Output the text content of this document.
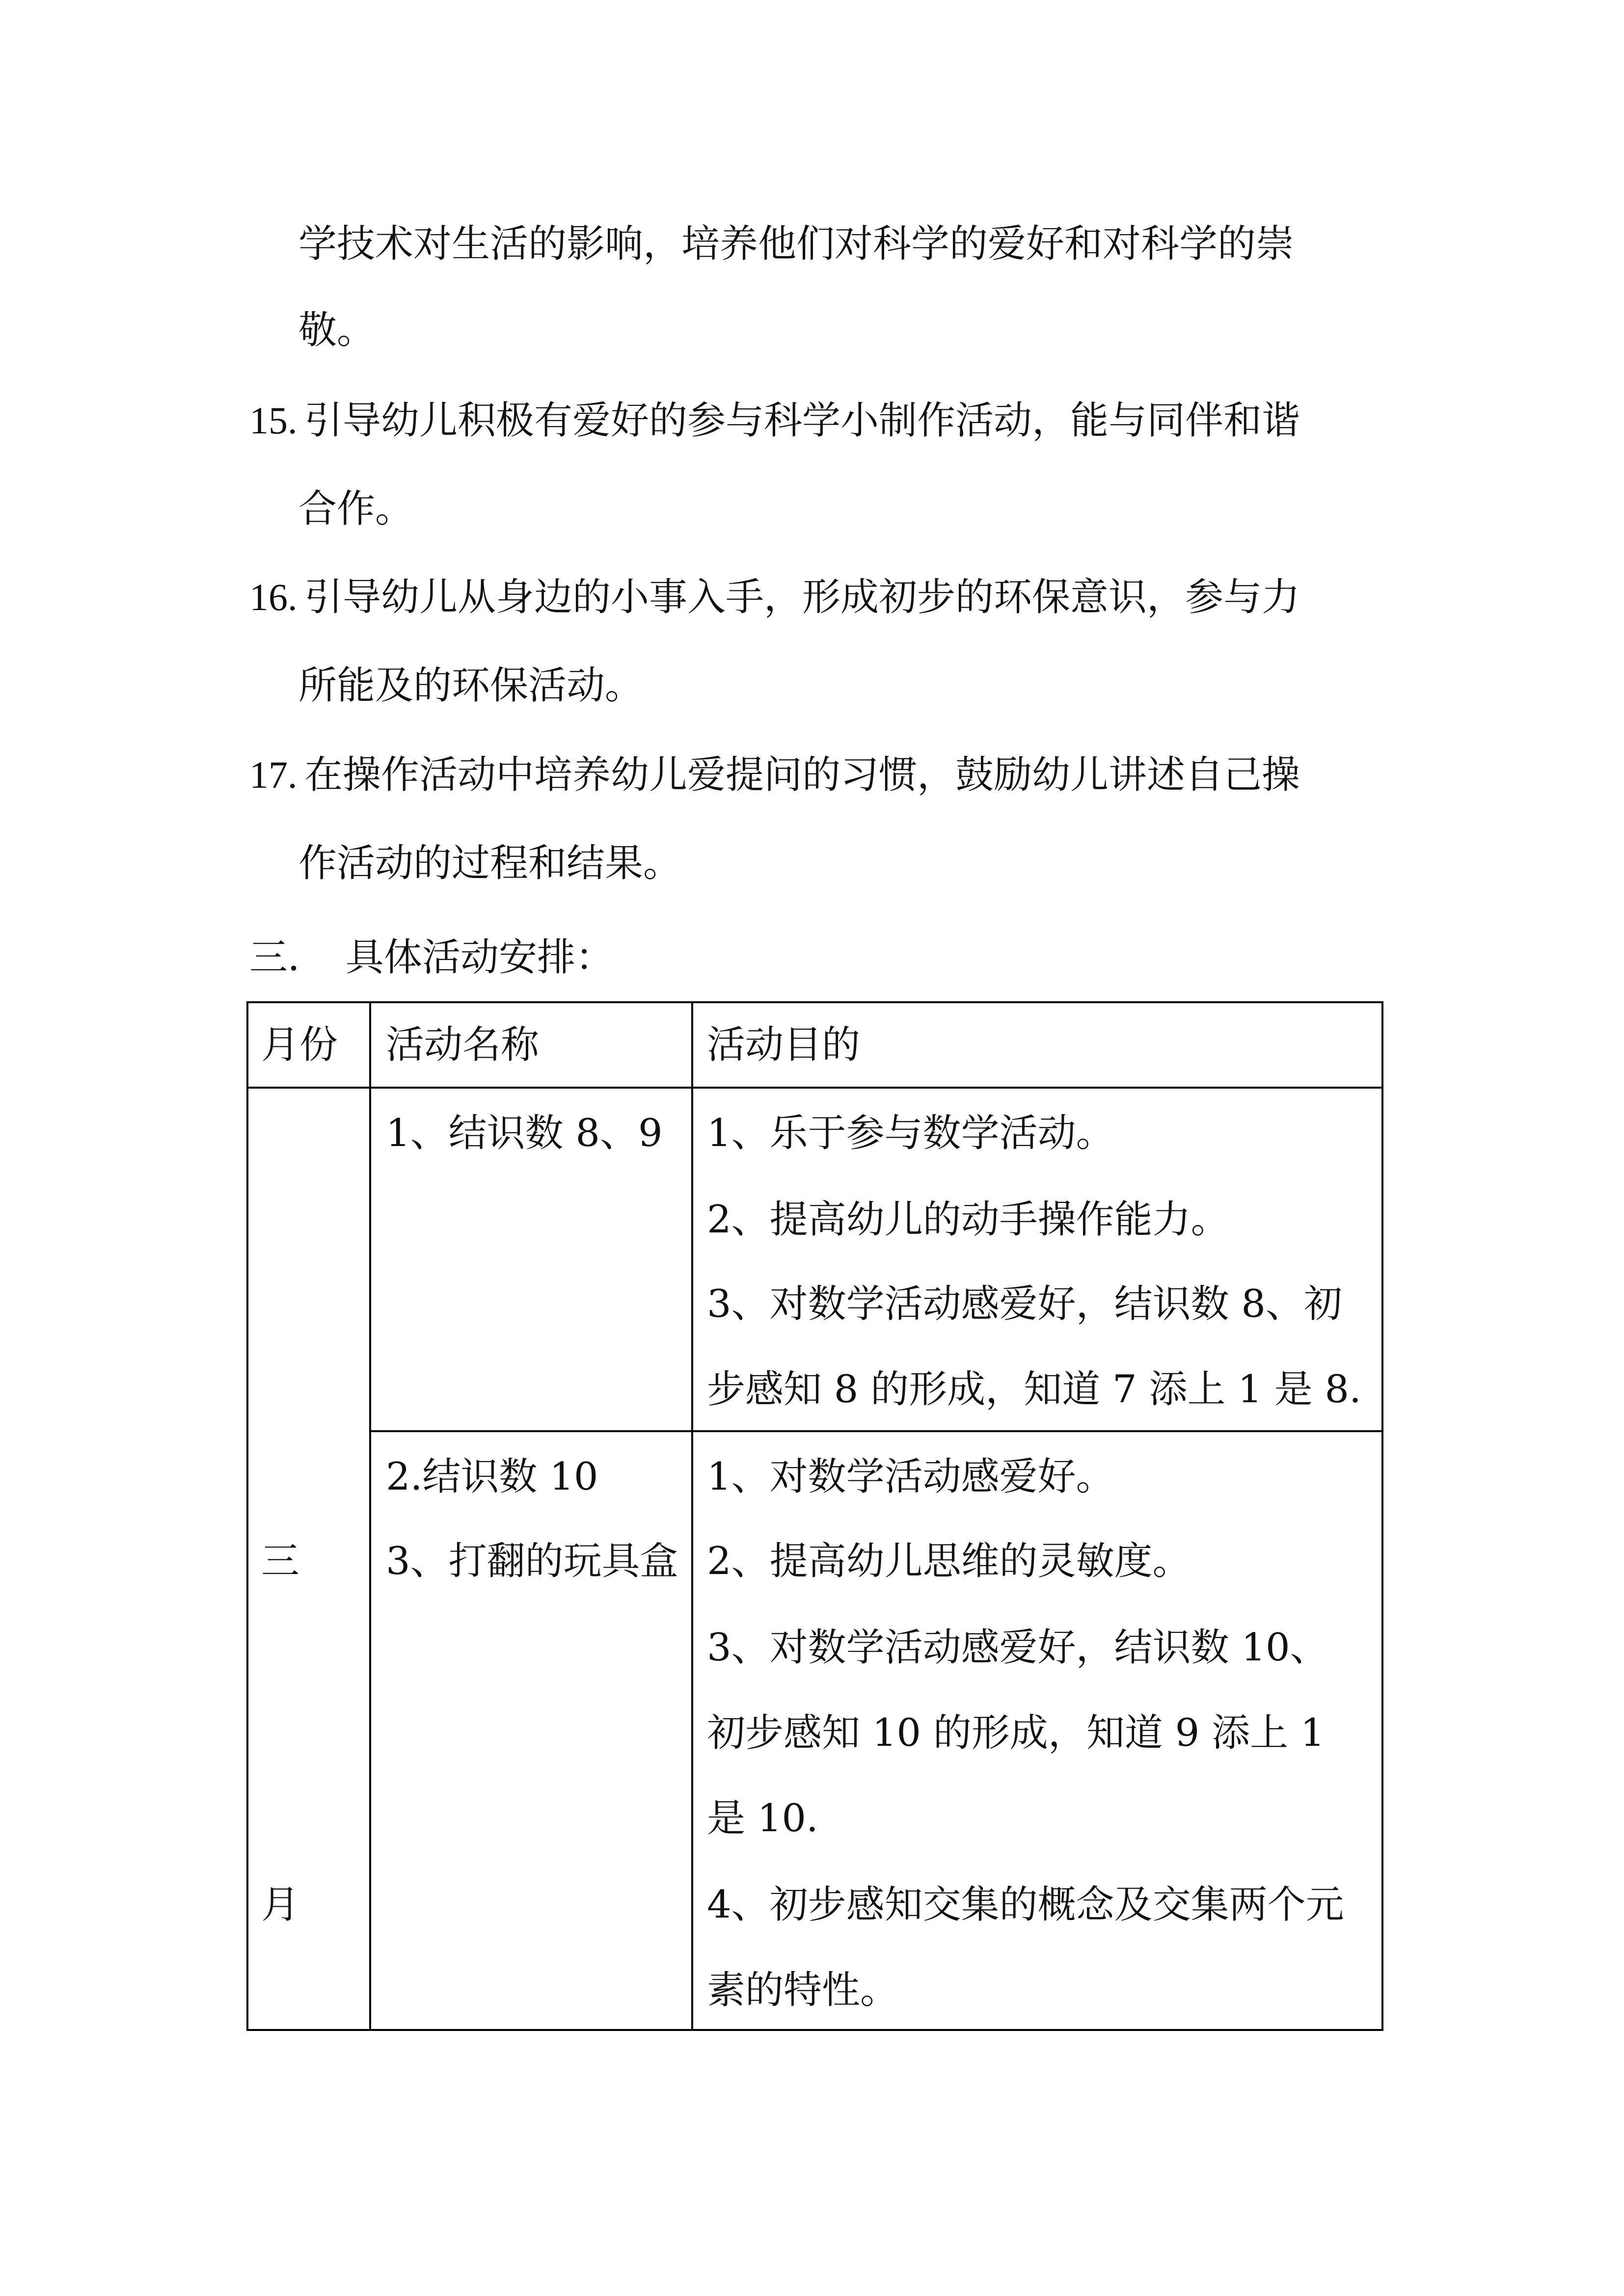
学技术对生活的影响，培养他们对科学的爱好和对科学的崇
敬。
15. 引导幼儿积极有爱好的参与科学小制作活动，能与同伴和谐
合作。
16. 引导幼儿从身边的小事入手，形成初步的环保意识，参与力
所能及的环保活动。
17. 在操作活动中培养幼儿爱提问的习惯，鼓励幼儿讲述自己操
作活动的过程和结果。
三． 具体活动安排：
月份 活动名称	活动目的
三
月
1、结识数 8、9 1、乐于参与数学活动。
2、提高幼儿的动手操作能力。
3、对数学活动感爱好，结识数 8、初
步感知 8 的形成，知道 7 添上 1 是 8.
2.结识数 10
3、打翻的玩具盒
1、对数学活动感爱好。
2、提高幼儿思维的灵敏度。
3、对数学活动感爱好，结识数 10、
初步感知 10 的形成，知道 9 添上 1
是 10.
4、初步感知交集的概念及交集两个元
素的特性。
